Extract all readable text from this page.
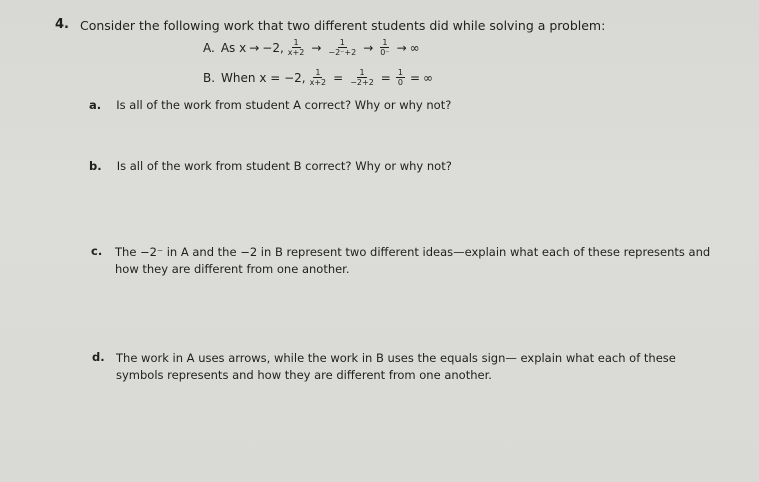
4. Consider the following work that two different students did while solving a problem:
A. As x → −2, $\frac{1}{x+2} \to \frac{1}{-2^-+2} \to \frac{1}{0^-}$ → ∞
B. When x = −2, $\frac{1}{x+2} = \frac{1}{-2+2} = \frac{1}{0}$ = ∞
a. Is all of the work from student A correct? Why or why not?
b. Is all of the work from student B correct? Why or why not?
c.	The −2⁻ in A and the −2 in B represent two different ideas—explain what each of these represents and how they are different from one another.
d. The work in A uses arrows, while the work in B uses the equals sign— explain what each of these symbols represents and how they are different from one another.
